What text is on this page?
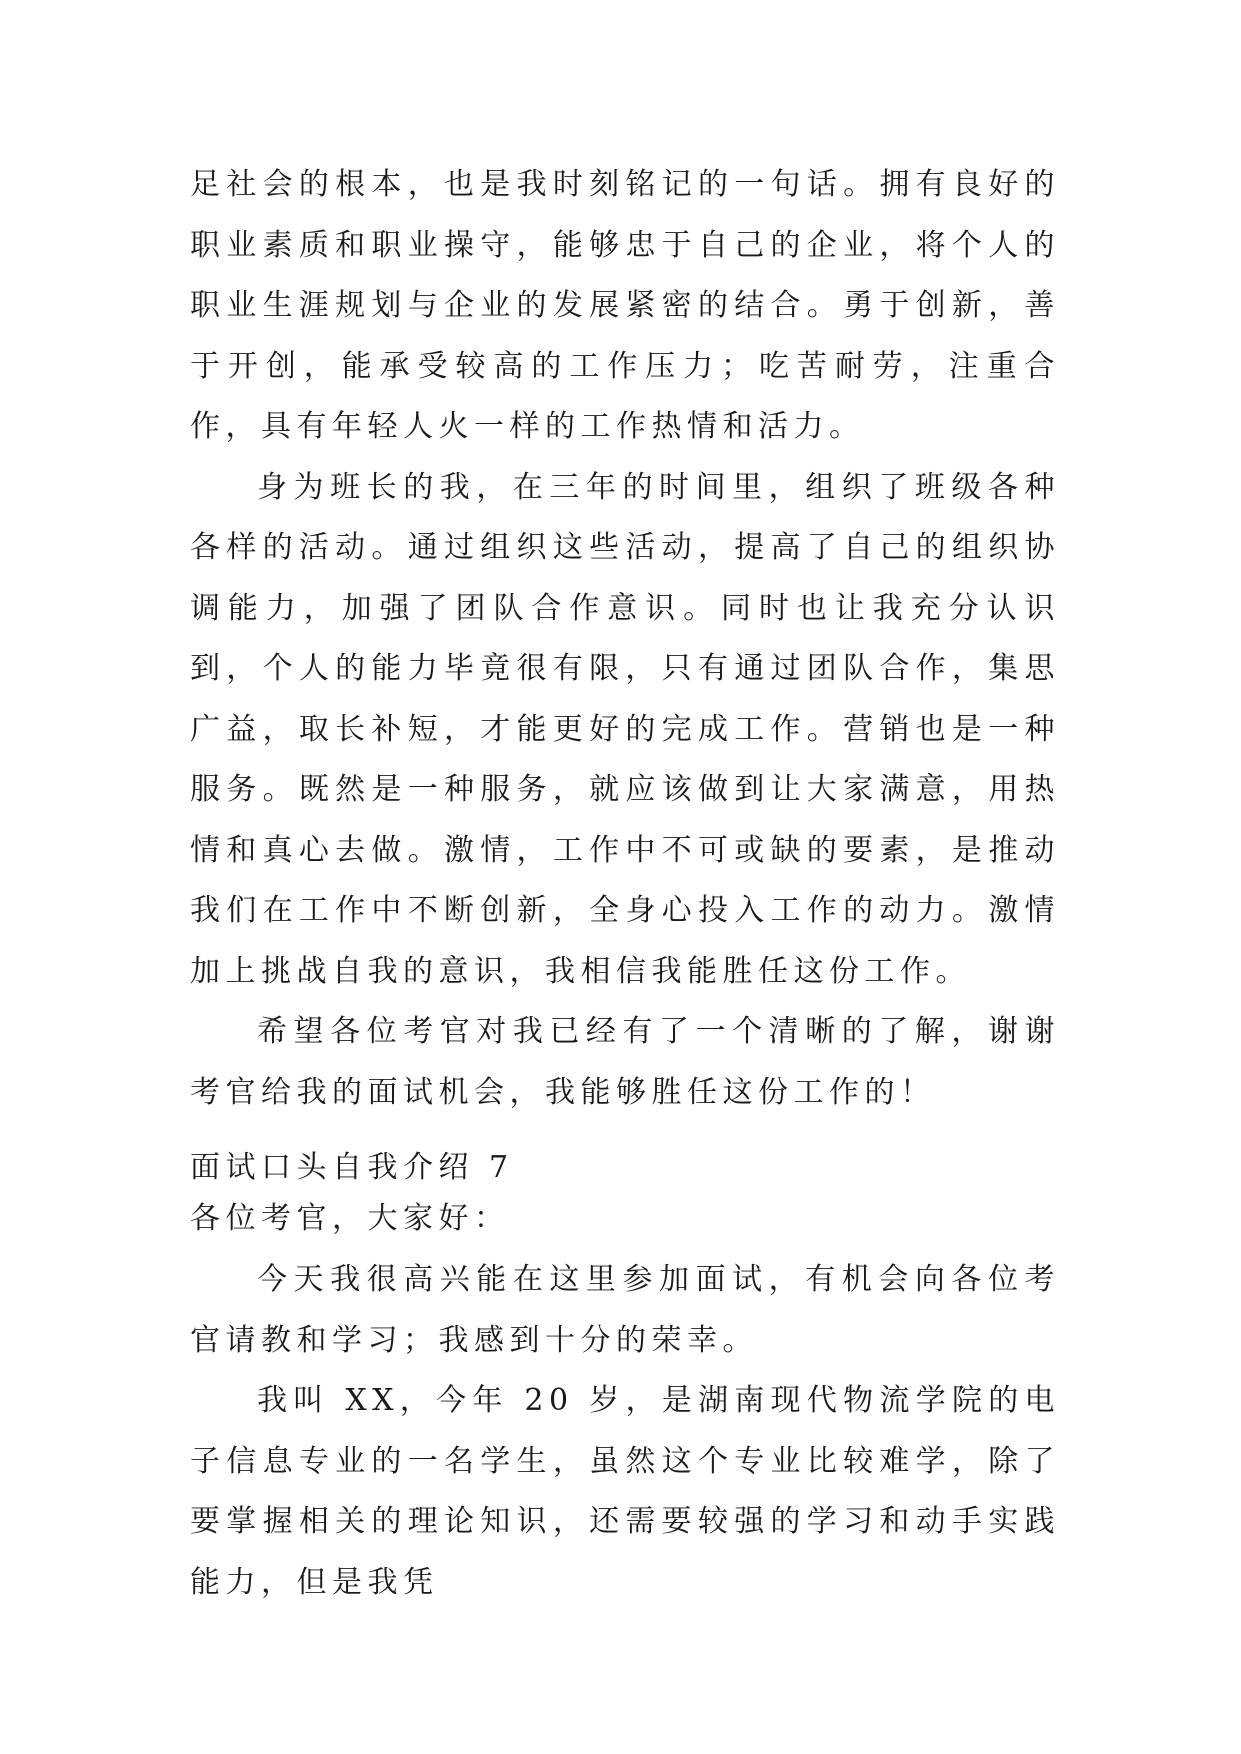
足社会的根本，也是我时刻铭记的一句话。拥有良好的职业素质和职业操守，能够忠于自己的企业，将个人的职业生涯规划与企业的发展紧密的结合。勇于创新，善于开创，能承受较高的工作压力；吃苦耐劳，注重合作，具有年轻人火一样的工作热情和活力。

身为班长的我，在三年的时间里，组织了班级各种各样的活动。通过组织这些活动，提高了自己的组织协调能力，加强了团队合作意识。同时也让我充分认识到，个人的能力毕竟很有限，只有通过团队合作，集思广益，取长补短，才能更好的完成工作。营销也是一种服务。既然是一种服务，就应该做到让大家满意，用热情和真心去做。激情，工作中不可或缺的要素，是推动我们在工作中不断创新，全身心投入工作的动力。激情加上挑战自我的意识，我相信我能胜任这份工作。

希望各位考官对我已经有了一个清晰的了解，谢谢考官给我的面试机会，我能够胜任这份工作的！

面试口头自我介绍 7

各位考官，大家好：

今天我很高兴能在这里参加面试，有机会向各位考官请教和学习；我感到十分的荣幸。

我叫 XX，今年 20 岁，是湖南现代物流学院的电子信息专业的一名学生，虽然这个专业比较难学，除了要掌握相关的理论知识，还需要较强的学习和动手实践能力，但是我凭
